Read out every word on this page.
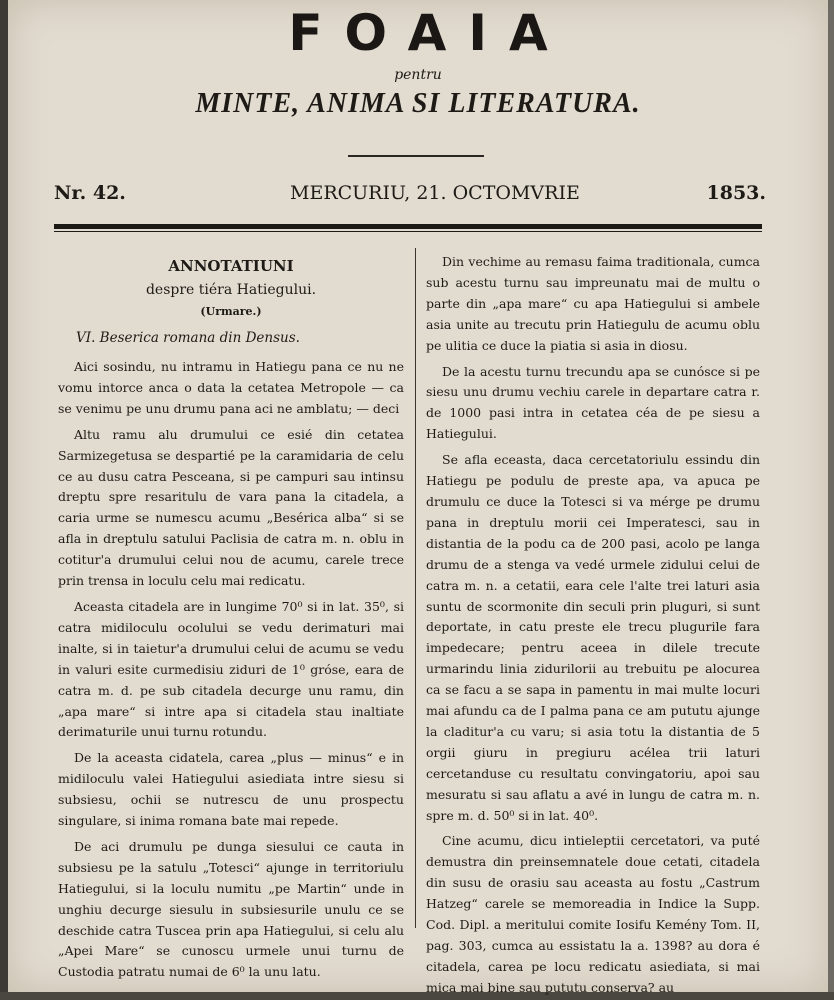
FOAIA
pentru
MINTE, ANIMA SI LITERATURA.
Nr. 42.	MERCURIU, 21. OCTOMVRIE	1853.
ANNOTATIUNI
despre tiéra Hatiegului.
(Urmare.)
VI. Beserica romana din Densus.

Aici sosindu, nu intramu in Hatiegu pana ce nu ne vomu intorce anca o data la cetatea Metropole — ca se venimu pe unu drumu pana aci ne amblatu; — deci

Altu ramu alu drumului ce esié din cetatea Sarmizegetusa se despartié pe la caramidaria de celu ce au dusu catra Pesceana, si pe campuri sau intinsu dreptu spre resaritulu de vara pana la citadela, a caria urme se numescu acumu „Besérica alba“ si se afla in dreptulu satului Paclisia de catra m. n. oblu in cotitur'a drumului celui nou de acumu, carele trece prin trensa in loculu celu mai redicatu.

Aceasta citadela are in lungime 70⁰ si in lat. 35⁰, si catra midiloculu ocolului se vedu derimaturi mai inalte, si in taietur'a drumului celui de acumu se vedu in valuri esite curmedisiu ziduri de 1⁰ gróse, eara de catra m. d. pe sub citadela decurge unu ramu, din „apa mare“ si intre apa si citadela stau inaltiate derimaturile unui turnu rotundu.

De la aceasta cidatela, carea „plus — minus“ e in midiloculu valei Hatiegului asiediata intre siesu si subsiesu, ochii se nutrescu de unu prospectu singulare, si inima romana bate mai repede.

De aci drumulu pe dunga siesului ce cauta in subsiesu pe la satulu „Totesci“ ajunge in territoriulu Hatiegului, si la loculu numitu „pe Martin“ unde in unghiu decurge siesulu in subsiesurile unulu ce se deschide catra Tuscea prin apa Hatiegului, si celu alu „Apei Mare“ se cunoscu urmele unui turnu de Custodia patratu numai de 6⁰ la unu latu.

Din vechime au remasu faima traditionala, cumca sub acestu turnu sau impreunatu mai de multu o parte din „apa mare“ cu apa Hatiegului si ambele asia unite au trecutu prin Hatiegulu de acumu oblu pe ulitia ce duce la piatia si asia in diosu.

De la acestu turnu trecundu apa se cunósce si pe siesu unu drumu vechiu carele in departare catra r. de 1000 pasi intra in cetatea céa de pe siesu a Hatiegului.

Se afla eceasta, daca cercetatoriulu essindu din Hatiegu pe podulu de preste apa, va apuca pe drumulu ce duce la Totesci si va mérge pe drumu pana in dreptulu morii cei Imperatesci, sau in distantia de la podu ca de 200 pasi, acolo pe langa drumu de a stenga va vedé urmele zidului celui de catra m. n. a cetatii, eara cele l'alte trei laturi asia suntu de scormonite din seculi prin pluguri, si sunt deportate, in catu preste ele trecu plugurile fara impedecare; pentru aceea in dilele trecute urmarindu linia zidurilorii au trebuitu pe alocurea ca se facu a se sapa in pamentu in mai multe locuri mai afundu ca de I palma pana ce am pututu ajunge la claditur'a cu varu; si asia totu la distantia de 5 orgii giuru in pregiuru acélea trii laturi cercetanduse cu resultatu convingatoriu, apoi sau mesuratu si sau aflatu a avé in lungu de catra m. n. spre m. d. 50⁰ si in lat. 40⁰.

Cine acumu, dicu intieleptii cercetatori, va puté demustra din preinsemnatele doue cetati, citadela din susu de orasiu sau aceasta au fostu „Castrum Hatzeg“ carele se memoreadia in Indice la Supp. Cod. Dipl. a meritului comite Iosifu Kemény Tom. II, pag. 303, cumca au essistatu la a. 1398? au dora é citadela, carea pe locu redicatu asiediata, si mai mica mai bine sau pututu conserva? au
